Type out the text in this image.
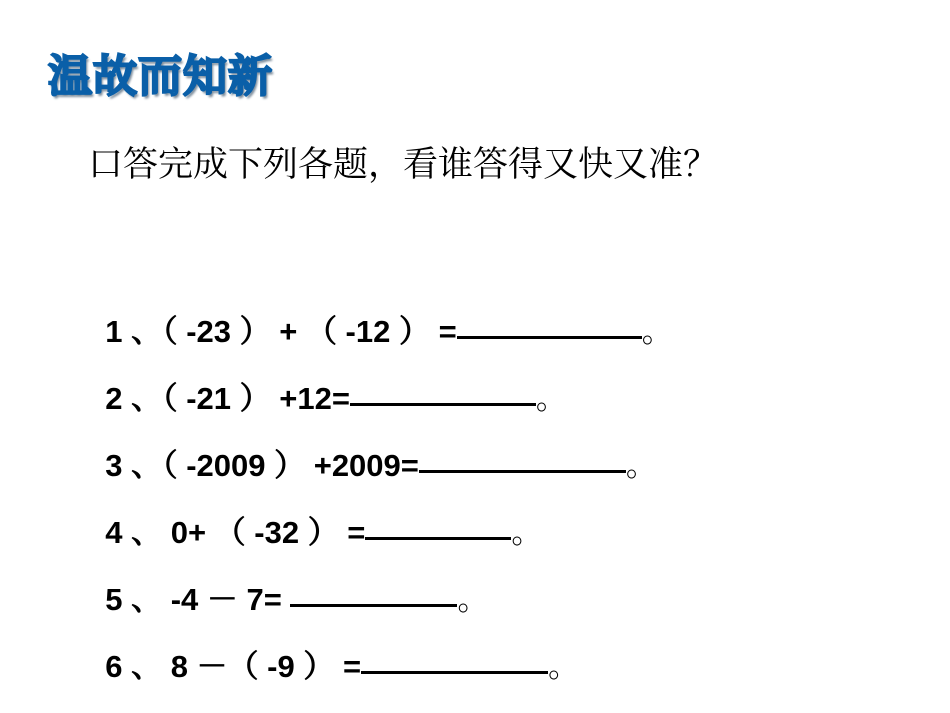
温故而知新
口答完成下列各题，看谁答得又快又准？

1 、（ -23 ） + （ -12 ） =	。

2 、（ -21 ） +12=	。

3 、（ -2009 ） +2009=	。

4 、 0+ （ -32 ） =	。

5 、 -4 － 7=	。

6 、 8 －（ -9 ） =	。
